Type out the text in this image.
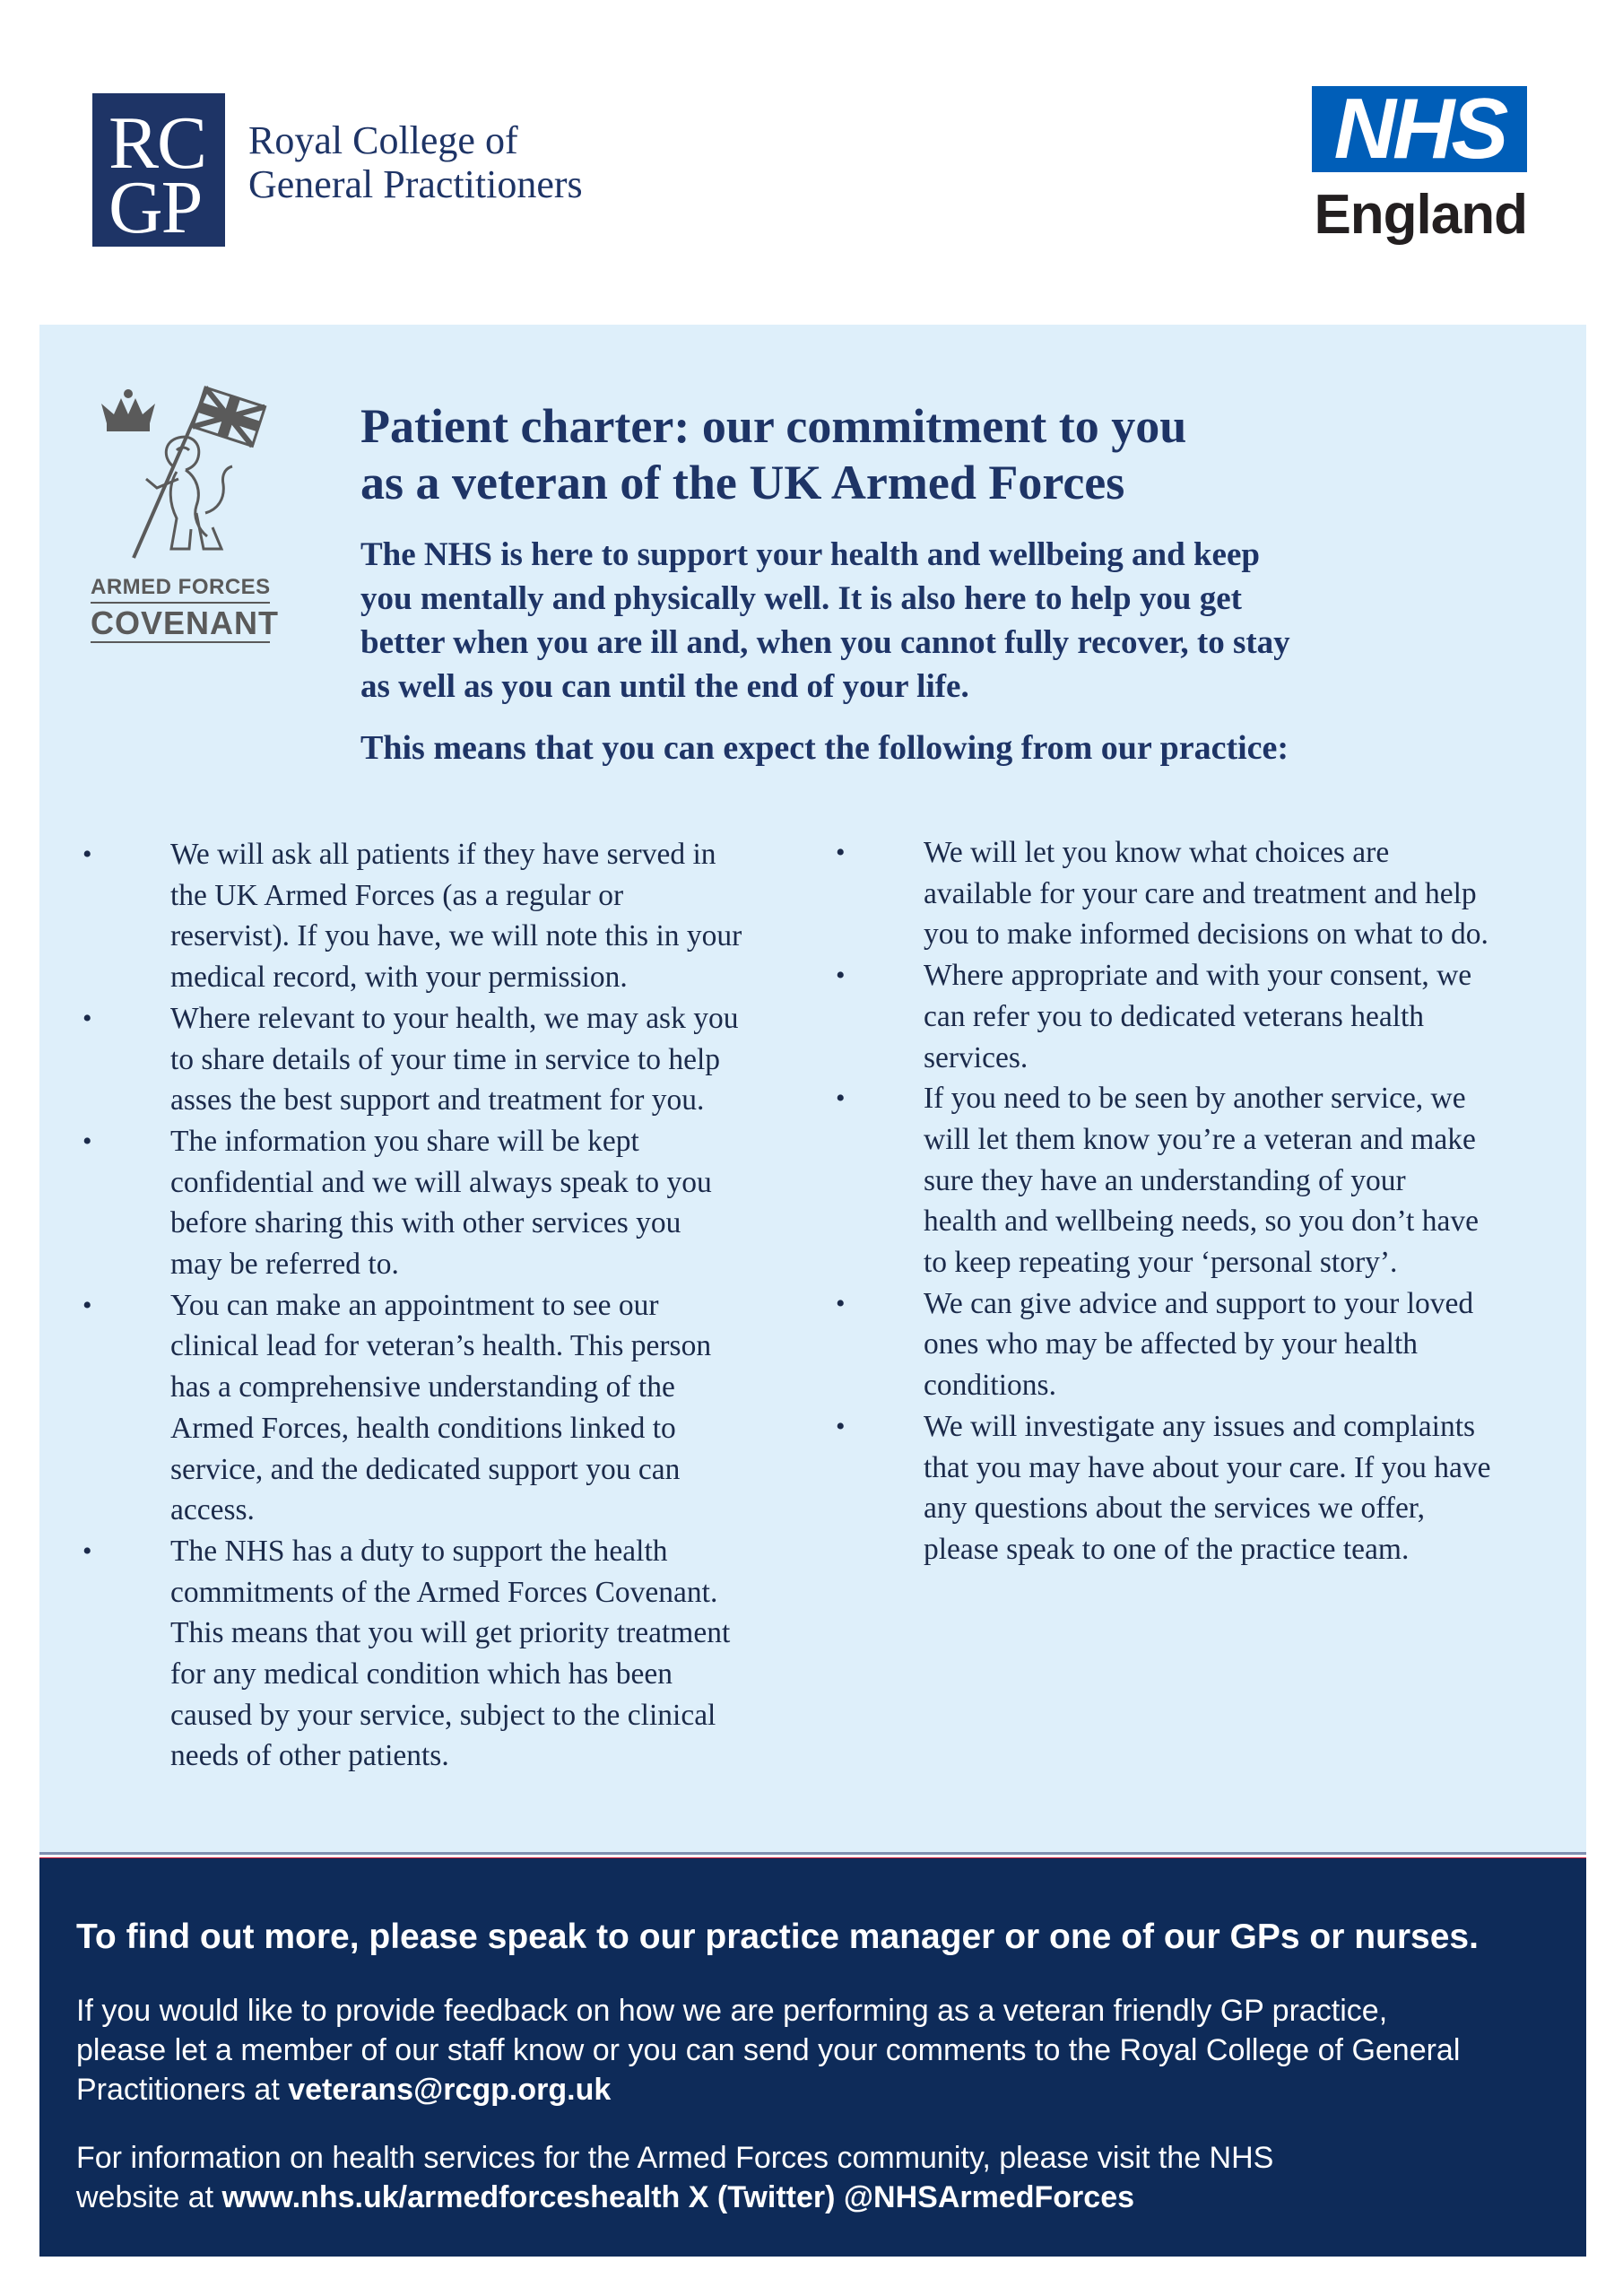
RC
GP
Royal College of
General Practitioners
NHS
England
ARMED FORCES
COVENANT
Patient charter: our commitment to you
as a veteran of the UK Armed Forces
The NHS is here to support your health and wellbeing and keep
you mentally and physically well. It is also here to help you get
better when you are ill and, when you cannot fully recover, to stay
as well as you can until the end of your life.
This means that you can expect the following from our practice:
• We will ask all patients if they have served in
the UK Armed Forces (as a regular or
reservist). If you have, we will note this in your
medical record, with your permission.
• Where relevant to your health, we may ask you
to share details of your time in service to help
asses the best support and treatment for you.
• The information you share will be kept
confidential and we will always speak to you
before sharing this with other services you
may be referred to.
• You can make an appointment to see our
clinical lead for veteran’s health. This person
has a comprehensive understanding of the
Armed Forces, health conditions linked to
service, and the dedicated support you can
access.
• The NHS has a duty to support the health
commitments of the Armed Forces Covenant.
This means that you will get priority treatment
for any medical condition which has been
caused by your service, subject to the clinical
needs of other patients.
• We will let you know what choices are
available for your care and treatment and help
you to make informed decisions on what to do.
• Where appropriate and with your consent, we
can refer you to dedicated veterans health
services.
• If you need to be seen by another service, we
will let them know you’re a veteran and make
sure they have an understanding of your
health and wellbeing needs, so you don’t have
to keep repeating your ‘personal story’.
• We can give advice and support to your loved
ones who may be affected by your health
conditions.
• We will investigate any issues and complaints
that you may have about your care. If you have
any questions about the services we offer,
please speak to one of the practice team.
To find out more, please speak to our practice manager or one of our GPs or nurses.
If you would like to provide feedback on how we are performing as a veteran friendly GP practice,
please let a member of our staff know or you can send your comments to the Royal College of General
Practitioners at veterans@rcgp.org.uk
For information on health services for the Armed Forces community, please visit the NHS
website at www.nhs.uk/armedforceshealth X (Twitter) @NHSArmedForces
